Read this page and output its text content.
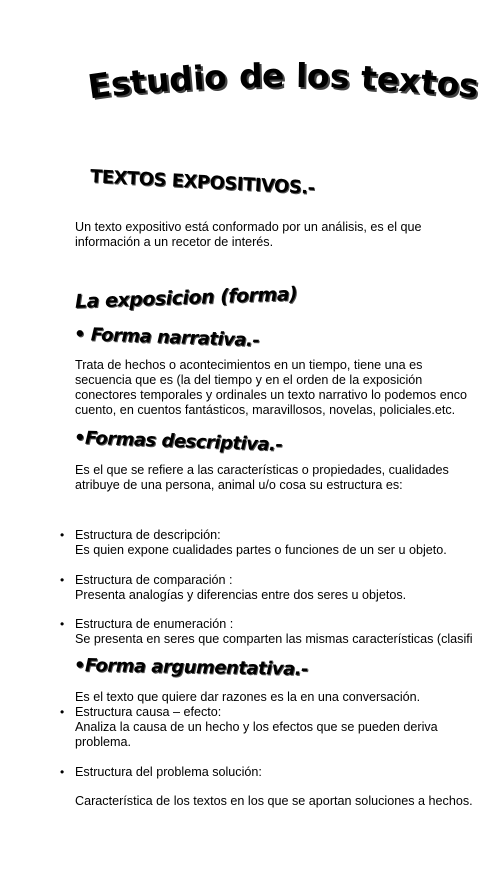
Estudio de los textos
TEXTOS EXPOSITIVOS.-
Un texto expositivo está conformado por un análisis, es el que
información a un recetor de interés.
La exposicion (forma)
• Forma narrativa.-
Trata de hechos o acontecimientos en un tiempo, tiene una es
secuencia que es (la del tiempo y en el orden de la exposición
conectores temporales y ordinales un texto narrativo lo podemos enco
cuento, en cuentos fantásticos, maravillosos, novelas, policiales.etc.
•Formas descriptiva.-
Es el que se refiere a las características o propiedades, cualidades
atribuye de una persona, animal u/o cosa su estructura es:
• Estructura de descripción:
Es quien expone cualidades partes o funciones de un ser u objeto.
• Estructura de comparación :
Presenta analogías y diferencias entre dos seres u objetos.
• Estructura de enumeración :
Se presenta en seres que comparten las mismas características (clasifi
•Forma argumentativa.-
Es el texto que quiere dar razones es la en una conversación.
• Estructura causa – efecto:
Analiza la causa de un hecho y los efectos que se pueden deriva
problema.
• Estructura del problema solución:
Característica de los textos en los que se aportan soluciones a hechos.
